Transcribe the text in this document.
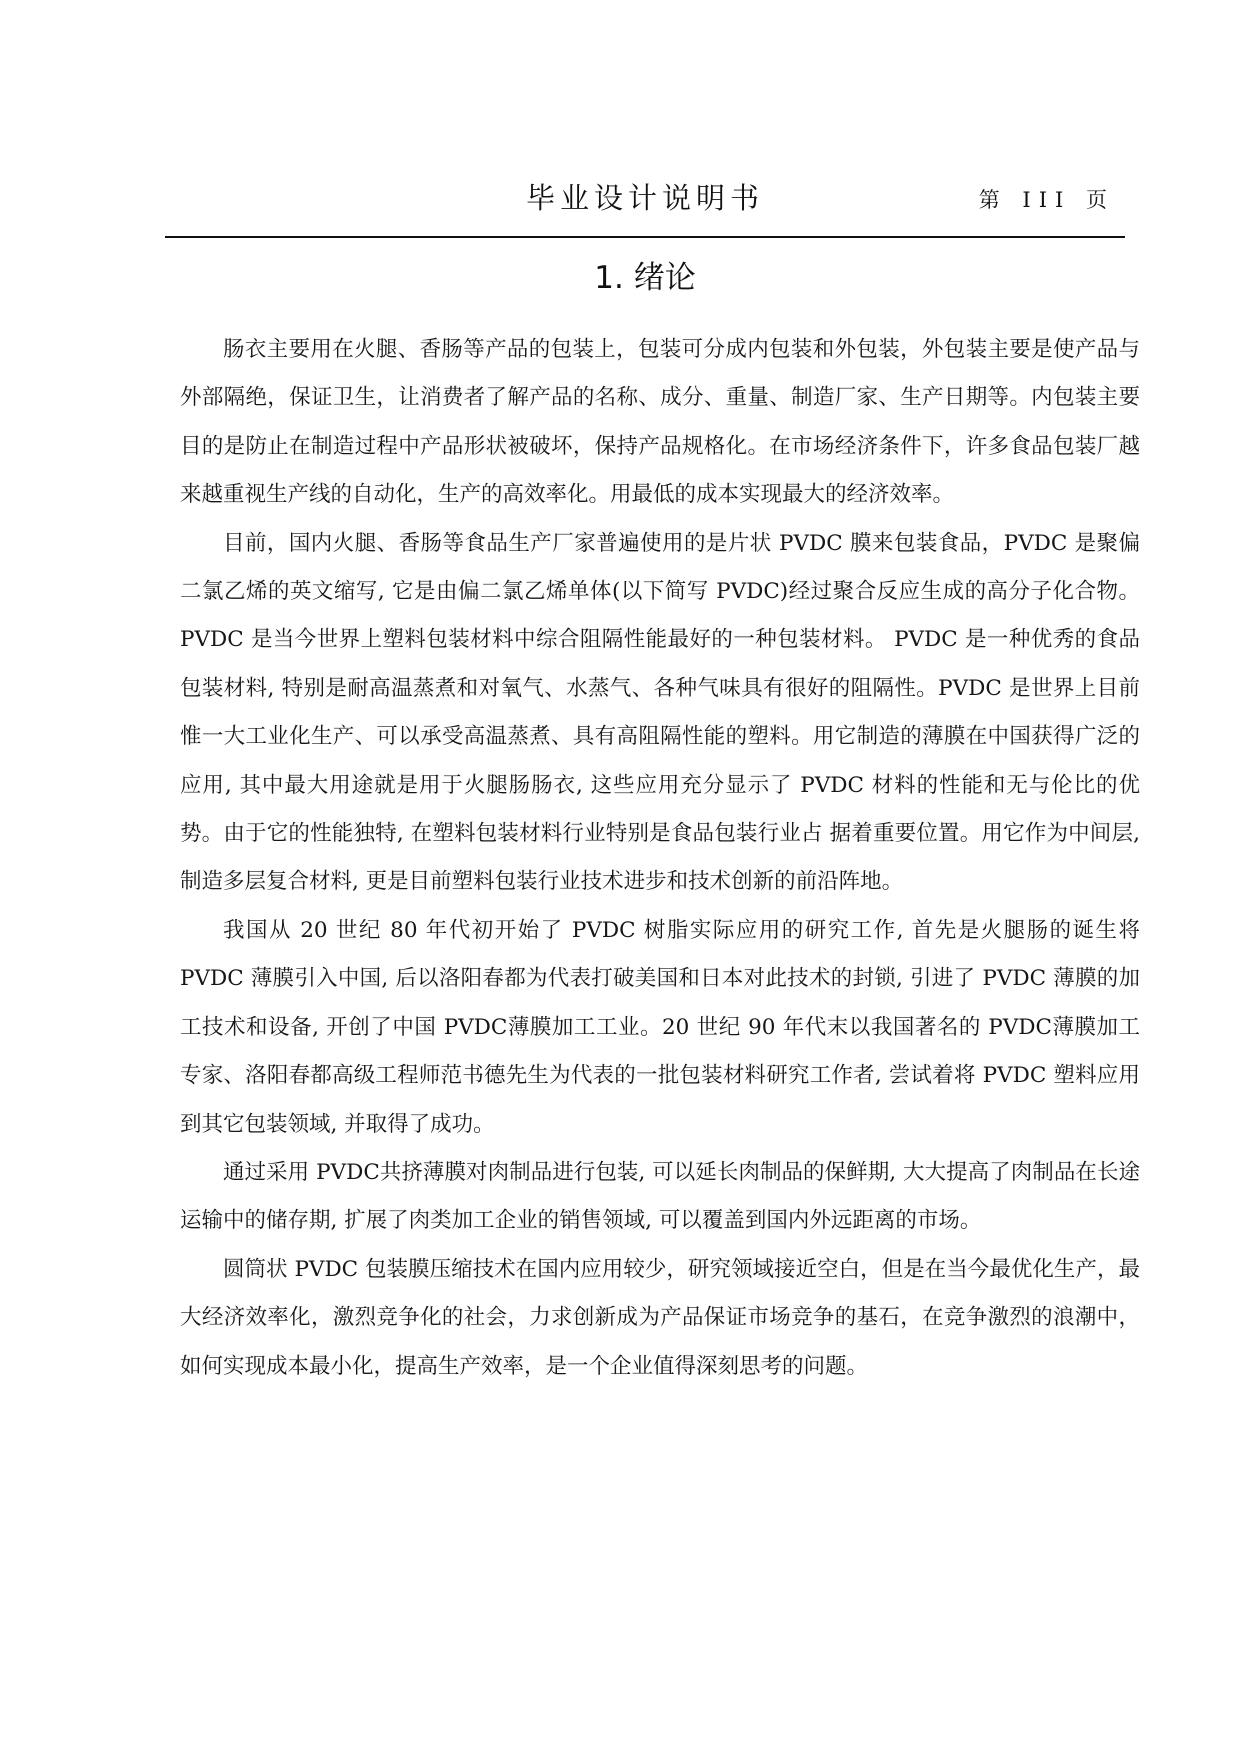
毕业设计说明书	第 III 页
1. 绪论

肠衣主要用在火腿、香肠等产品的包装上，包装可分成内包装和外包装，外包装主要是使产品与外部隔绝，保证卫生，让消费者了解产品的名称、成分、重量、制造厂家、生产日期等。内包装主要目的是防止在制造过程中产品形状被破坏，保持产品规格化。在市场经济条件下，许多食品包装厂越来越重视生产线的自动化，生产的高效率化。用最低的成本实现最大的经济效率。

目前，国内火腿、香肠等食品生产厂家普遍使用的是片状 PVDC 膜来包装食品，PVDC 是聚偏二氯乙烯的英文缩写, 它是由偏二氯乙烯单体(以下简写 PVDC)经过聚合反应生成的高分子化合物。PVDC 是当今世界上塑料包装材料中综合阻隔性能最好的一种包装材料。 PVDC 是一种优秀的食品包装材料, 特别是耐高温蒸煮和对氧气、水蒸气、各种气味具有很好的阻隔性。PVDC 是世界上目前惟一大工业化生产、可以承受高温蒸煮、具有高阻隔性能的塑料。用它制造的薄膜在中国获得广泛的应用, 其中最大用途就是用于火腿肠肠衣, 这些应用充分显示了 PVDC 材料的性能和无与伦比的优势。由于它的性能独特, 在塑料包装材料行业特别是食品包装行业占 据着重要位置。用它作为中间层, 制造多层复合材料, 更是目前塑料包装行业技术进步和技术创新的前沿阵地。

我国从 20 世纪 80 年代初开始了 PVDC 树脂实际应用的研究工作, 首先是火腿肠的诞生将 PVDC 薄膜引入中国, 后以洛阳春都为代表打破美国和日本对此技术的封锁, 引进了 PVDC 薄膜的加工技术和设备, 开创了中国 PVDC薄膜加工工业。20 世纪 90 年代末以我国著名的 PVDC薄膜加工专家、洛阳春都高级工程师范书德先生为代表的一批包装材料研究工作者, 尝试着将 PVDC 塑料应用到其它包装领域, 并取得了成功。

通过采用 PVDC共挤薄膜对肉制品进行包装, 可以延长肉制品的保鲜期, 大大提高了肉制品在长途运输中的储存期, 扩展了肉类加工企业的销售领域, 可以覆盖到国内外远距离的市场。

圆筒状 PVDC 包装膜压缩技术在国内应用较少，研究领域接近空白，但是在当今最优化生产，最大经济效率化，激烈竞争化的社会，力求创新成为产品保证市场竞争的基石，在竞争激烈的浪潮中，如何实现成本最小化，提高生产效率，是一个企业值得深刻思考的问题。
